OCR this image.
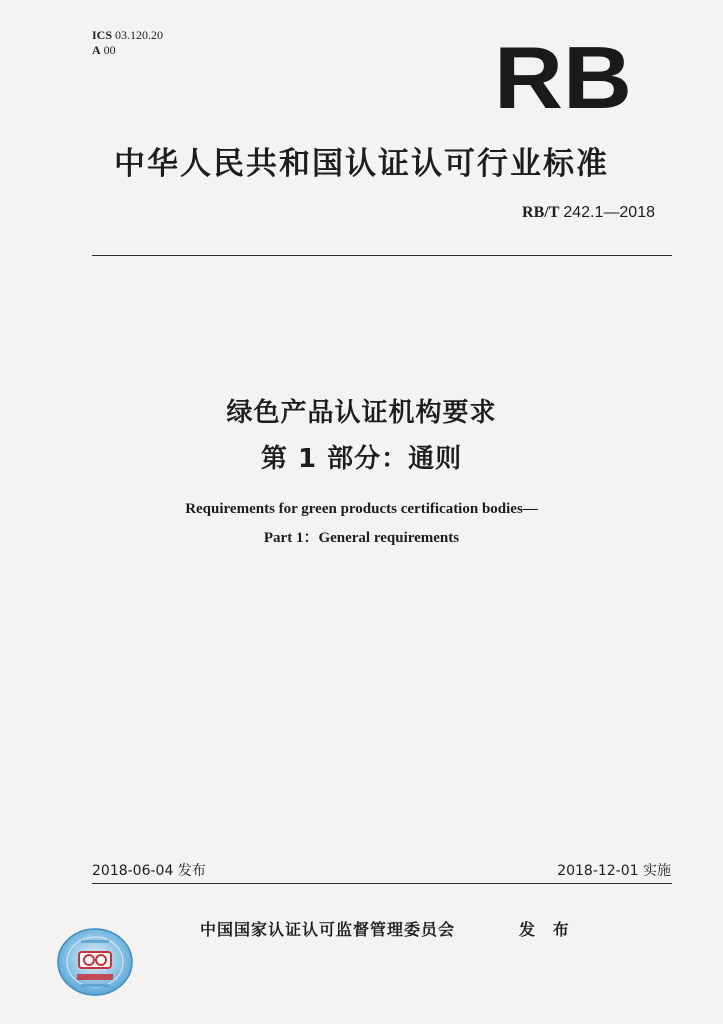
ICS 03.120.20
A 00	RB
中华人民共和国认证认可行业标准
RB/T 242.1—2018
绿色产品认证机构要求
第 1 部分：通则
Requirements for green products certification bodies—
Part 1：General requirements
2018-06-04 发布	2018-12-01 实施
中国国家认证认可监督管理委员会	发 布
